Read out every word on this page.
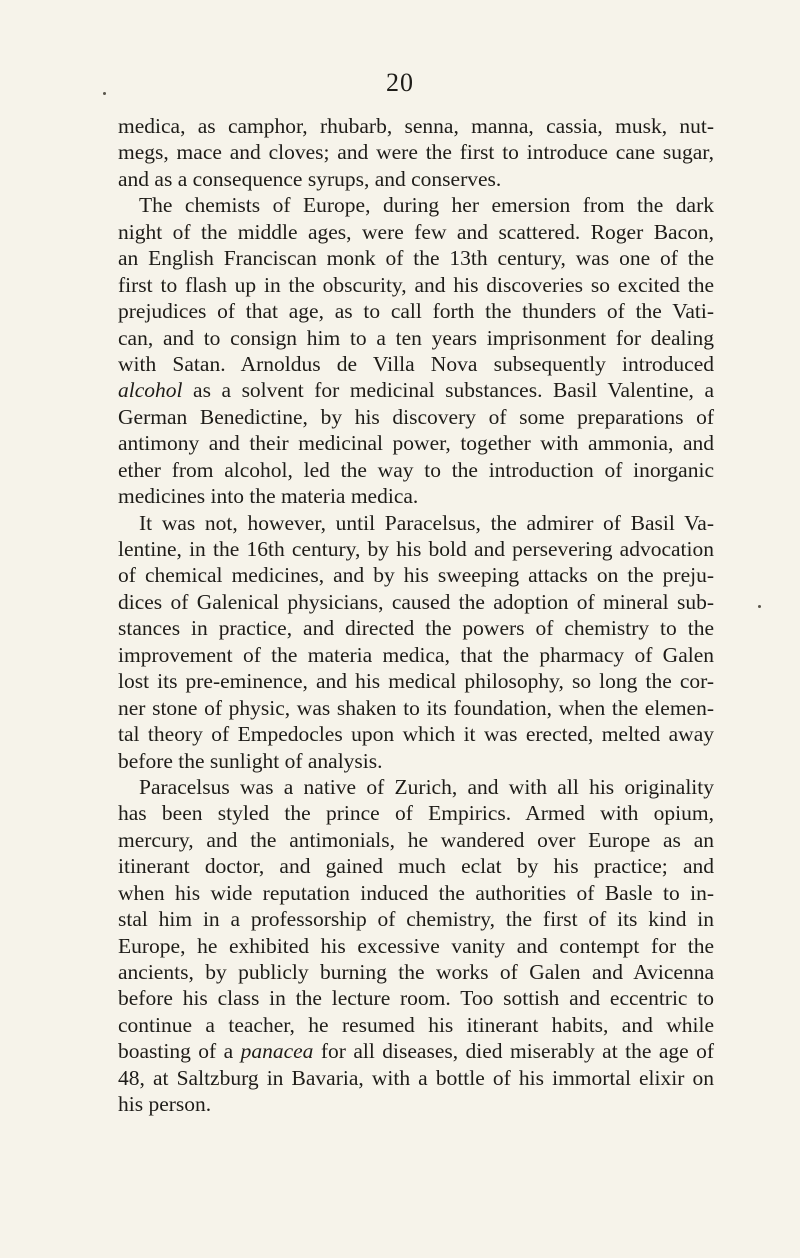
20
medica, as camphor, rhubarb, senna, manna, cassia, musk, nut-
megs, mace and cloves; and were the first to introduce cane sugar,
and as a consequence syrups, and conserves.
The chemists of Europe, during her emersion from the dark
night of the middle ages, were few and scattered. Roger Bacon,
an English Franciscan monk of the 13th century, was one of the
first to flash up in the obscurity, and his discoveries so excited the
prejudices of that age, as to call forth the thunders of the Vati-
can, and to consign him to a ten years imprisonment for dealing
with Satan. Arnoldus de Villa Nova subsequently introduced
alcohol as a solvent for medicinal substances. Basil Valentine, a
German Benedictine, by his discovery of some preparations of
antimony and their medicinal power, together with ammonia, and
ether from alcohol, led the way to the introduction of inorganic
medicines into the materia medica.
It was not, however, until Paracelsus, the admirer of Basil Va-
lentine, in the 16th century, by his bold and persevering advocation
of chemical medicines, and by his sweeping attacks on the preju-
dices of Galenical physicians, caused the adoption of mineral sub-
stances in practice, and directed the powers of chemistry to the
improvement of the materia medica, that the pharmacy of Galen
lost its pre-eminence, and his medical philosophy, so long the cor-
ner stone of physic, was shaken to its foundation, when the elemen-
tal theory of Empedocles upon which it was erected, melted away
before the sunlight of analysis.
Paracelsus was a native of Zurich, and with all his originality
has been styled the prince of Empirics. Armed with opium,
mercury, and the antimonials, he wandered over Europe as an
itinerant doctor, and gained much eclat by his practice; and
when his wide reputation induced the authorities of Basle to in-
stal him in a professorship of chemistry, the first of its kind in
Europe, he exhibited his excessive vanity and contempt for the
ancients, by publicly burning the works of Galen and Avicenna
before his class in the lecture room. Too sottish and eccentric to
continue a teacher, he resumed his itinerant habits, and while
boasting of a panacea for all diseases, died miserably at the age of
48, at Saltzburg in Bavaria, with a bottle of his immortal elixir on
his person.
